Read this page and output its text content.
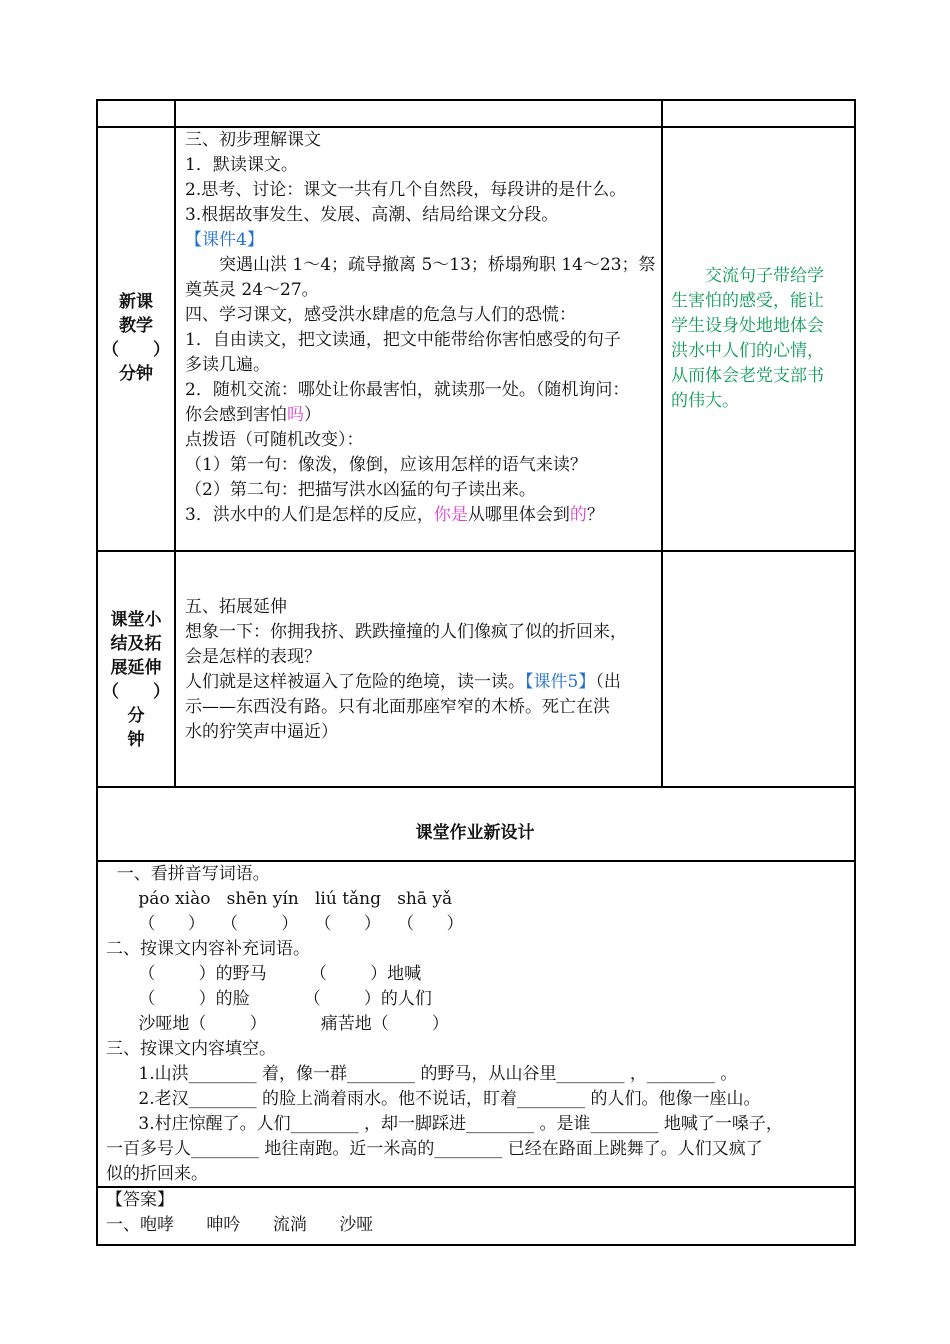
新课

教学

（　　）

分钟

三、初步理解课文

1．默读课文。

2.思考、讨论：课文一共有几个自然段，每段讲的是什么。

3.根据故事发生、发展、高潮、结局给课文分段。

【课件4】

　　突遇山洪 1～4；疏导撤离 5～13；桥塌殉职 14～23；祭

奠英灵 24～27。

四、学习课文，感受洪水肆虐的危急与人们的恐慌：

1．自由读文，把文读通，把文中能带给你害怕感受的句子

多读几遍。

2．随机交流：哪处让你最害怕，就读那一处。（随机询问：

你会感到害怕吗）

点拨语（可随机改变）：

（1）第一句：像泼，像倒，应该用怎样的语气来读？

（2）第二句：把描写洪水凶猛的句子读出来。

3．洪水中的人们是怎样的反应，你是从哪里体会到的？

　　交流句子带给学

生害怕的感受，能让

学生设身处地地体会

洪水中人们的心情，

从而体会老党支部书

的伟大。

课堂小

结及拓

展延伸

（　　）分

钟

五、拓展延伸

想象一下：你拥我挤、跌跌撞撞的人们像疯了似的折回来，

会是怎样的表现？

人们就是这样被逼入了危险的绝境，读一读。【课件5】（出

示——东西没有路。只有北面那座窄窄的木桥。死亡在洪

水的狞笑声中逼近）

课堂作业新设计

一、看拼音写词语。

páo xiào   shēn yín   liú tǎng   shā yǎ

（      ）   （        ）   （      ）   （      ）

二、按课文内容补充词语。

（        ）的野马        （        ）地喊

（        ）的脸          （        ）的人们

沙哑地（        ）          痛苦地（        ）

三、按课文内容填空。

1.山洪________ 着，像一群________ 的野马，从山谷里________ ，________ 。

2.老汉________ 的脸上淌着雨水。他不说话，盯着________ 的人们。他像一座山。

3.村庄惊醒了。人们________ ，却一脚踩进________ 。是谁________ 地喊了一嗓子，

一百多号人________ 地往南跑。近一米高的________ 已经在路面上跳舞了。人们又疯了

似的折回来。

【答案】

一、咆哮      呻吟      流淌      沙哑
